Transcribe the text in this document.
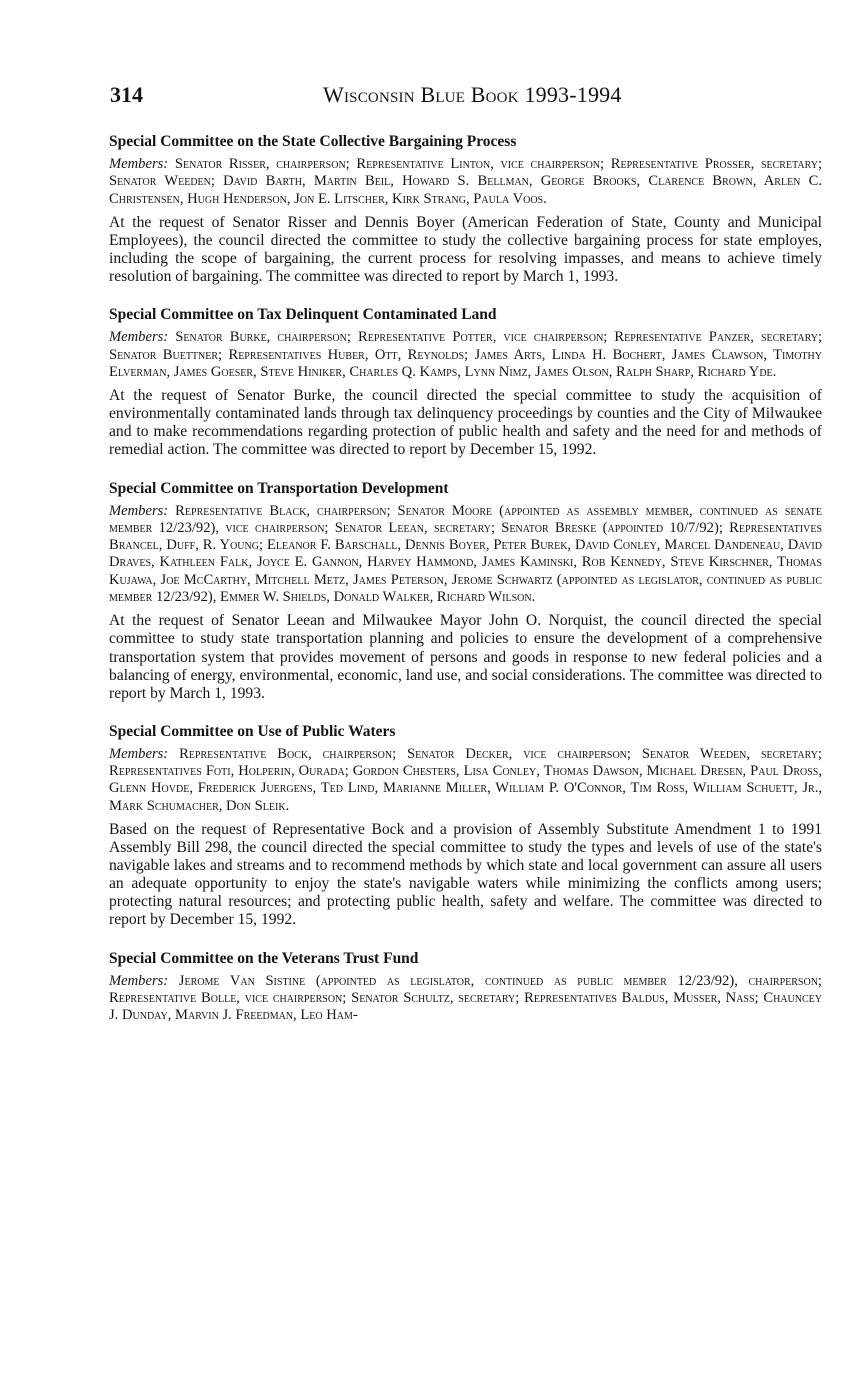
314	Wisconsin Blue Book 1993-1994
Special Committee on the State Collective Bargaining Process

Members: Senator Risser, chairperson; Representative Linton, vice chairperson; Representative Prosser, secretary; Senator Weeden; David Barth, Martin Beil, Howard S. Bellman, George Brooks, Clarence Brown, Arlen C. Christensen, Hugh Henderson, Jon E. Litscher, Kirk Strang, Paula Voos.

At the request of Senator Risser and Dennis Boyer (American Federation of State, County and Municipal Employees), the council directed the committee to study the collective bargaining process for state employes, including the scope of bargaining, the current process for resolving impasses, and means to achieve timely resolution of bargaining. The committee was directed to report by March 1, 1993.

Special Committee on Tax Delinquent Contaminated Land

Members: Senator Burke, chairperson; Representative Potter, vice chairperson; Representative Panzer, secretary; Senator Buettner; Representatives Huber, Ott, Reynolds; James Arts, Linda H. Bochert, James Clawson, Timothy Elverman, James Goeser, Steve Hiniker, Charles Q. Kamps, Lynn Nimz, James Olson, Ralph Sharp, Richard Yde.

At the request of Senator Burke, the council directed the special committee to study the acquisition of environmentally contaminated lands through tax delinquency proceedings by counties and the City of Milwaukee and to make recommendations regarding protection of public health and safety and the need for and methods of remedial action. The committee was directed to report by December 15, 1992.

Special Committee on Transportation Development

Members: Representative Black, chairperson; Senator Moore (appointed as assembly member, continued as senate member 12/23/92), vice chairperson; Senator Leean, secretary; Senator Breske (appointed 10/7/92); Representatives Brancel, Duff, R. Young; Eleanor F. Barschall, Dennis Boyer, Peter Burek, David Conley, Marcel Dandeneau, David Draves, Kathleen Falk, Joyce E. Gannon, Harvey Hammond, James Kaminski, Rob Kennedy, Steve Kirschner, Thomas Kujawa, Joe McCarthy, Mitchell Metz, James Peterson, Jerome Schwartz (appointed as legislator, continued as public member 12/23/92), Emmer W. Shields, Donald Walker, Richard Wilson.

At the request of Senator Leean and Milwaukee Mayor John O. Norquist, the council directed the special committee to study state transportation planning and policies to ensure the development of a comprehensive transportation system that provides movement of persons and goods in response to new federal policies and a balancing of energy, environmental, economic, land use, and social considerations. The committee was directed to report by March 1, 1993.

Special Committee on Use of Public Waters

Members: Representative Bock, chairperson; Senator Decker, vice chairperson; Senator Weeden, secretary; Representatives Foti, Holperin, Ourada; Gordon Chesters, Lisa Conley, Thomas Dawson, Michael Dresen, Paul Dross, Glenn Hovde, Frederick Juergens, Ted Lind, Marianne Miller, William P. O'Connor, Tim Ross, William Schuett, Jr., Mark Schumacher, Don Sleik.

Based on the request of Representative Bock and a provision of Assembly Substitute Amendment 1 to 1991 Assembly Bill 298, the council directed the special committee to study the types and levels of use of the state's navigable lakes and streams and to recommend methods by which state and local government can assure all users an adequate opportunity to enjoy the state's navigable waters while minimizing the conflicts among users; protecting natural resources; and protecting public health, safety and welfare. The committee was directed to report by December 15, 1992.

Special Committee on the Veterans Trust Fund

Members: Jerome Van Sistine (appointed as legislator, continued as public member 12/23/92), chairperson; Representative Bolle, vice chairperson; Senator Schultz, secretary; Representatives Baldus, Musser, Nass; Chauncey J. Dunday, Marvin J. Freedman, Leo Ham-
